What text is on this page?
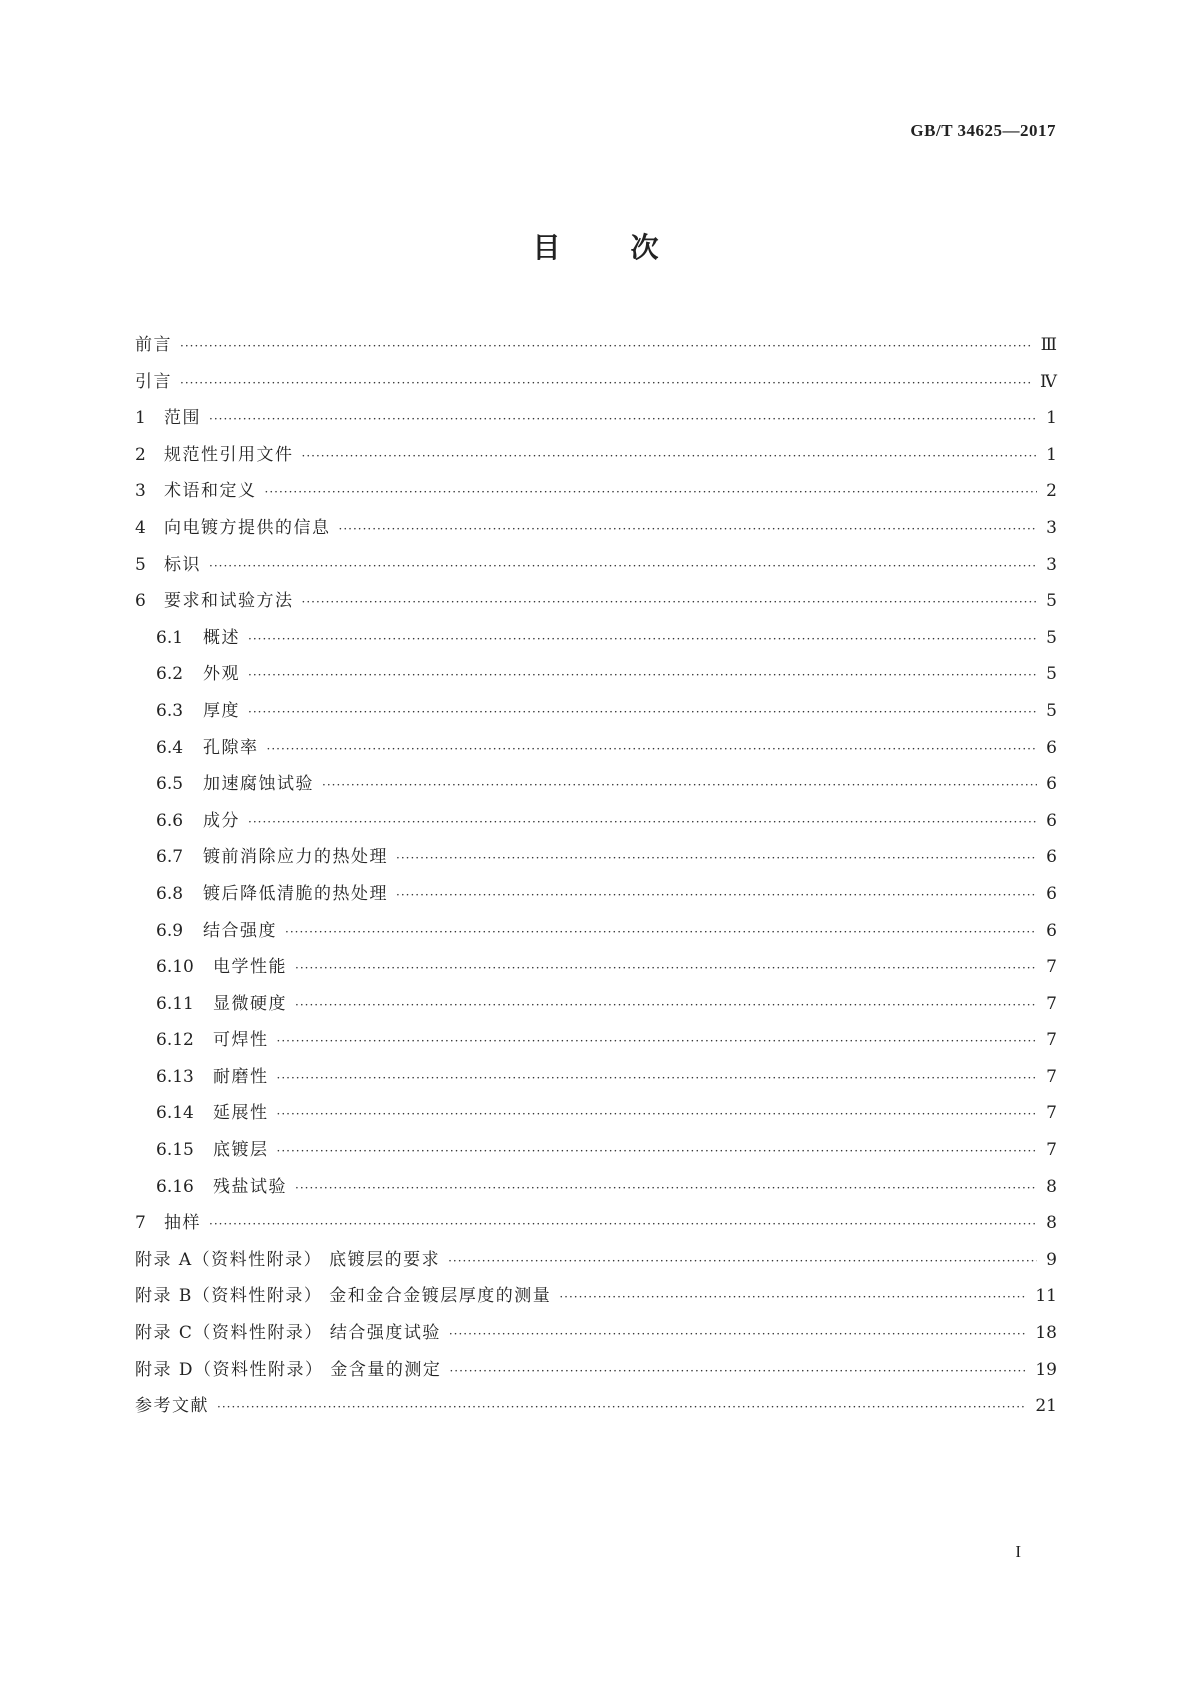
GB/T 34625—2017
目	次
前言 ·····	Ⅲ
引言 ·····	Ⅳ
1	范围 ·····	1
2	规范性引用文件 ·····	1
3	术语和定义 ·····	2
4	向电镀方提供的信息 ·····	3
5	标识 ·····	3
6	要求和试验方法 ·····	5
6.1	概述 ·····	5
6.2	外观 ·····	5
6.3	厚度 ·····	5
6.4	孔隙率 ·····	6
6.5	加速腐蚀试验 ·····	6
6.6	成分 ·····	6
6.7	镀前消除应力的热处理 ·····	6
6.8	镀后降低清脆的热处理 ·····	6
6.9	结合强度 ·····	6
6.10	电学性能 ·····	7
6.11	显微硬度 ·····	7
6.12	可焊性 ·····	7
6.13	耐磨性 ·····	7
6.14	延展性 ·····	7
6.15	底镀层 ·····	7
6.16	残盐试验 ·····	8
7	抽样 ·····	8
附录 A（资料性附录） 底镀层的要求 ·····	9
附录 B（资料性附录） 金和金合金镀层厚度的测量 ·····	11
附录 C（资料性附录） 结合强度试验 ·····	18
附录 D（资料性附录） 金含量的测定 ·····	19
参考文献 ·····	21
I
